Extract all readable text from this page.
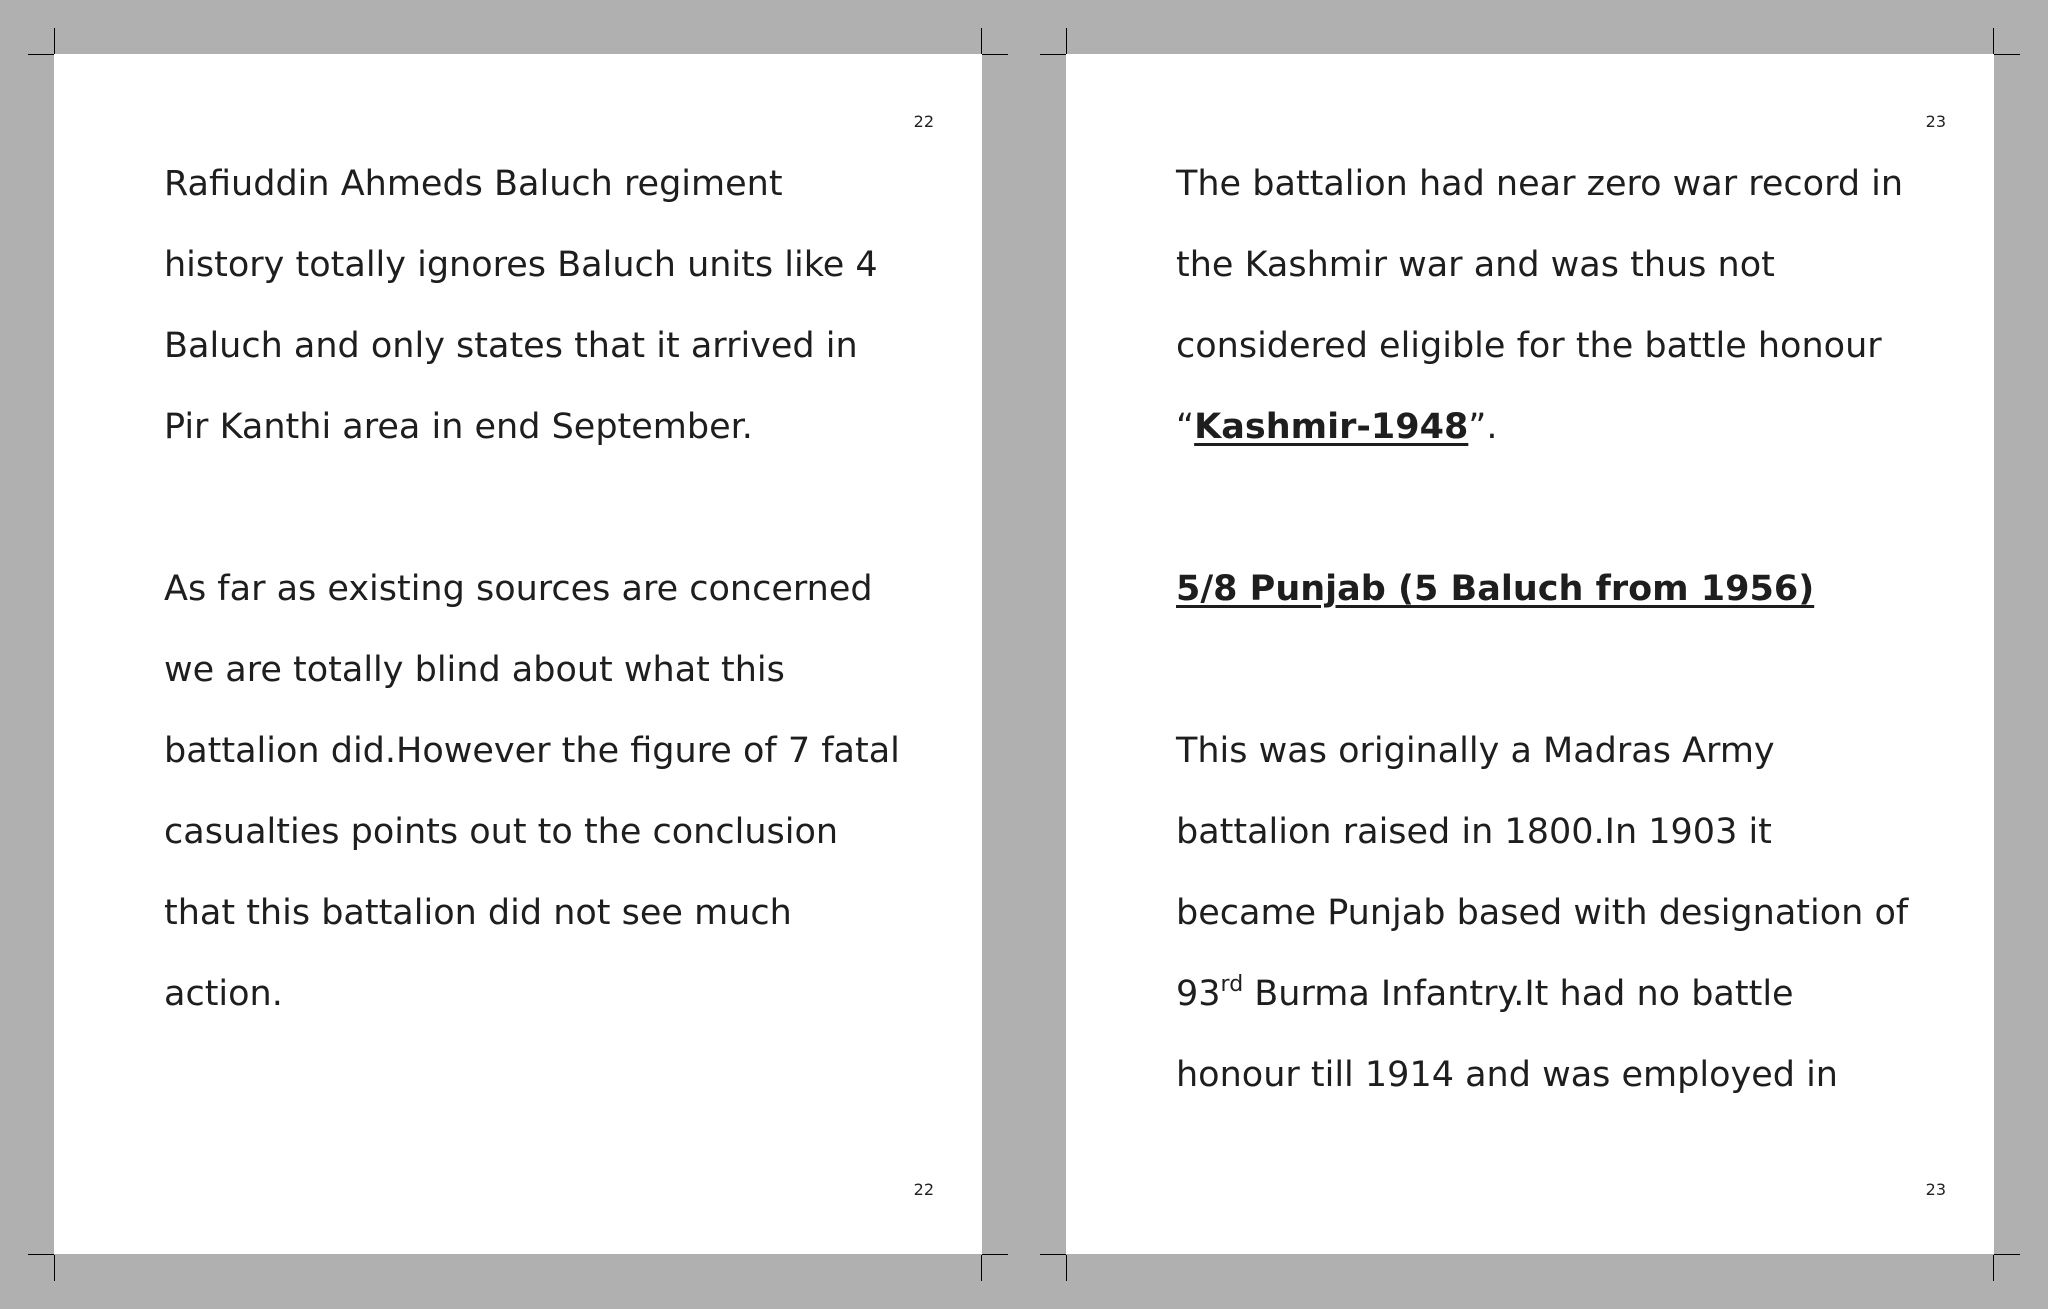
22
Rafiuddin Ahmeds Baluch regiment
history totally ignores Baluch units like 4
Baluch and only states that it arrived in
Pir Kanthi area in end September.
As far as existing sources are concerned
we are totally blind about what this
battalion did.However the figure of 7 fatal
casualties points out to the conclusion
that this battalion did not see much
action.
22
23
The battalion had near zero war record in
the Kashmir war and was thus not
considered eligible for the battle honour
“Kashmir-1948”.
5/8 Punjab (5 Baluch from 1956)
This was originally a Madras Army
battalion raised in 1800.In 1903 it
became Punjab based with designation of
93rd Burma Infantry.It had no battle
honour till 1914 and was employed in
23
